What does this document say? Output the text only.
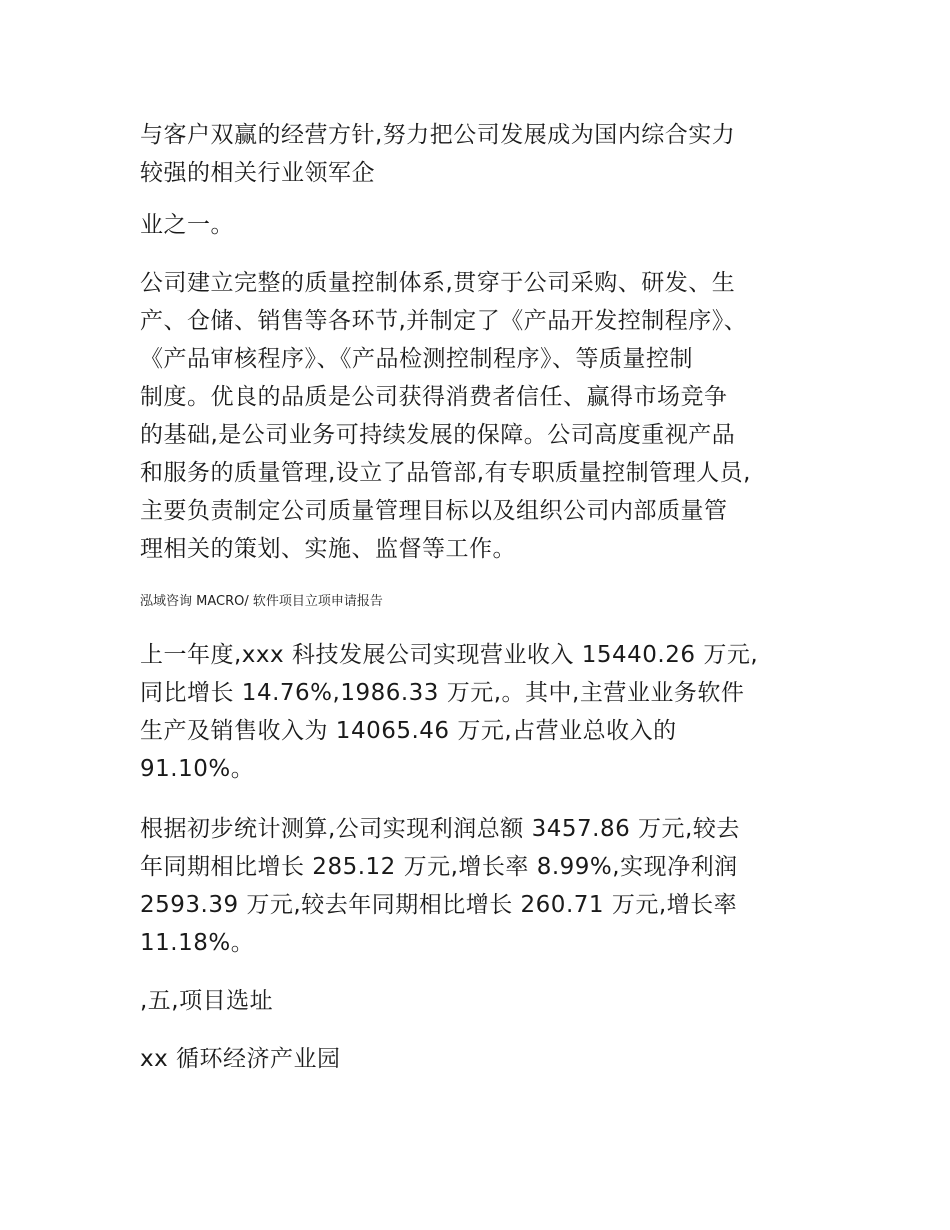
与客户双赢的经营方针,努力把公司发展成为国内综合实力
较强的相关行业领军企
业之一。
公司建立完整的质量控制体系,贯穿于公司采购、研发、生
产、仓储、销售等各环节,并制定了《产品开发控制程序》、
《产品审核程序》、《产品检测控制程序》、等质量控制
制度。优良的品质是公司获得消费者信任、赢得市场竞争
的基础,是公司业务可持续发展的保障。公司高度重视产品
和服务的质量管理,设立了品管部,有专职质量控制管理人员,
主要负责制定公司质量管理目标以及组织公司内部质量管
理相关的策划、实施、监督等工作。
泓域咨询 MACRO/ 软件项目立项申请报告
上一年度,xxx 科技发展公司实现营业收入 15440.26 万元,
同比增长 14.76%,1986.33 万元,。其中,主营业业务软件
生产及销售收入为 14065.46 万元,占营业总收入的
91.10%。
根据初步统计测算,公司实现利润总额 3457.86 万元,较去
年同期相比增长 285.12 万元,增长率 8.99%,实现净利润
2593.39 万元,较去年同期相比增长 260.71 万元,增长率
11.18%。
,五,项目选址
xx 循环经济产业园
